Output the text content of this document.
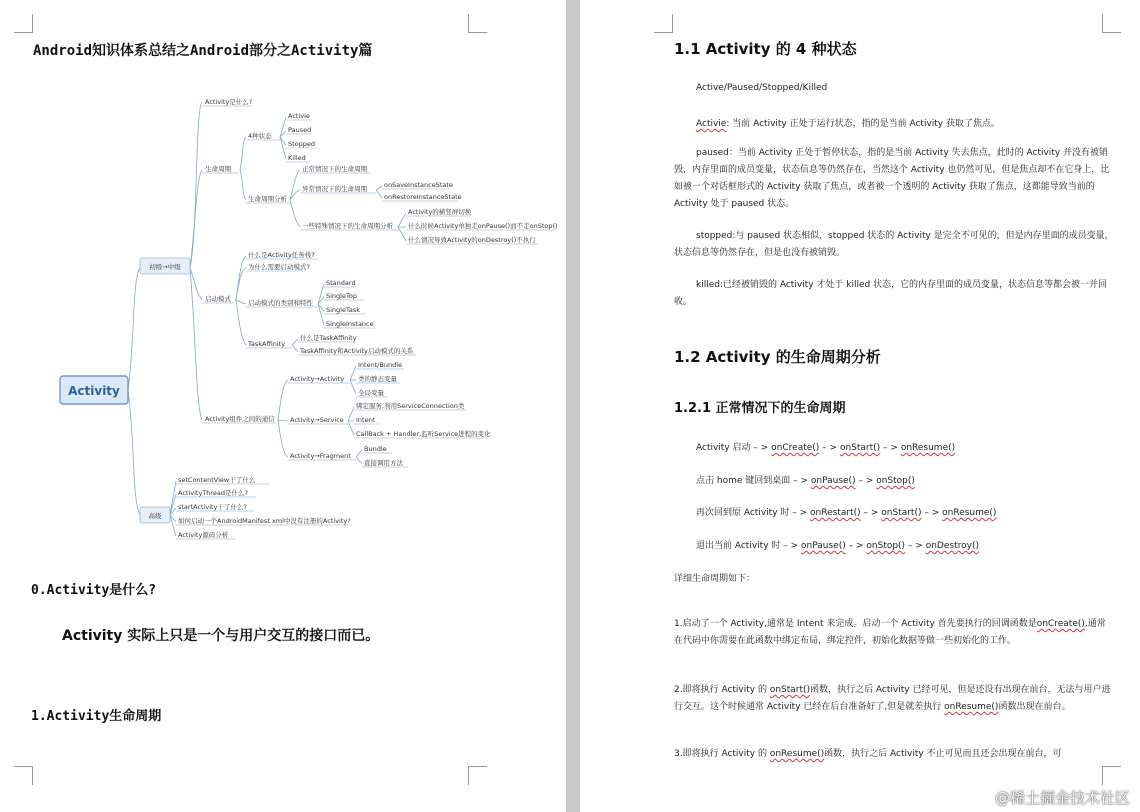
Android知识体系总结之Android部分之Activity篇
Activity
初级→中级
高级
Activity是什么?
生命周期
4种状态
Activie
Paused
Stopped
Killed
生命周期分析
正常情况下的生命周期
异常情况下的生命周期	onSaveInstanceState
onRestoreInstanceState
一些特殊情况下的生命周期分析
Activity的横竖屏切换
什么时候Activity单独走onPause()而不走onStop()
什么情况导致Activity的onDestroy()不执行
启动模式
什么是Activity任务栈?
为什么需要启动模式?
启动模式的类别和特性
Standard
SingleTop
SingleTask
SingleInstance
TaskAffinity
什么是TaskAffinity
TaskAffinity和Activity启动模式的关系
Activity组件之间的通信
Activity→Activity
Intent/Bundle
类的静态变量
全局变量
Activity→Service
绑定服务,利用ServiceConnection类
Intent
CallBack + Handler,监听Service进程的变化
Activity→Fragment
Bundle
直接调用方法
setContentView干了什么
ActivityThread是什么?
startActivity干了什么?
如何启动一个AndroidManifest.xml中没有注册的Activity?
Activity源码分析
0.Activity是什么?
Activity 实际上只是一个与用户交互的接口而已。
1.Activity生命周期
1.1 Activity 的 4 种状态
Active/Paused/Stopped/Killed
Activie: 当前 Activity 正处于运行状态，指的是当前 Activity 获取了焦点。
paused：当前 Activity 正处于暂停状态，指的是当前 Activity 失去焦点，此时的 Activity 并没有被销毁，内存里面的成员变量，状态信息等仍然存在，当然这个 Activity 也仍然可见，但是焦点却不在它身上，比如被一个对话框形式的 Activity 获取了焦点，或者被一个透明的 Activity 获取了焦点，这都能导致当前的 Activity 处于 paused 状态。
stopped:与 paused 状态相似，stopped 状态的 Activity 是完全不可见的，但是内存里面的成员变量，状态信息等仍然存在，但是也没有被销毁。
killed:已经被销毁的 Activity 才处于 killed 状态，它的内存里面的成员变量，状态信息等都会被一并回收。
1.2 Activity 的生命周期分析
1.2.1 正常情况下的生命周期
Activity 启动 – > onCreate() – > onStart() – > onResume()
点击 home 键回到桌面 – > onPause() – > onStop()
再次回到原 Activity 时 – > onRestart() – > onStart() – > onResume()
退出当前 Activity 时 – > onPause() – > onStop() – > onDestroy()
详细生命周期如下：
1.启动了一个 Activity,通常是 Intent 来完成。启动一个 Activity 首先要执行的回调函数是onCreate(),通常在代码中你需要在此函数中绑定布局，绑定控件，初始化数据等做一些初始化的工作。
2.即将执行 Activity 的 onStart()函数，执行之后 Activity 已经可见，但是还没有出现在前台，无法与用户进行交互。这个时候通常 Activity 已经在后台准备好了,但是就差执行 onResume()函数出现在前台。
3.即将执行 Activity 的 onResume()函数，执行之后 Activity 不止可见而且还会出现在前台，可
@稀土掘金技术社区
